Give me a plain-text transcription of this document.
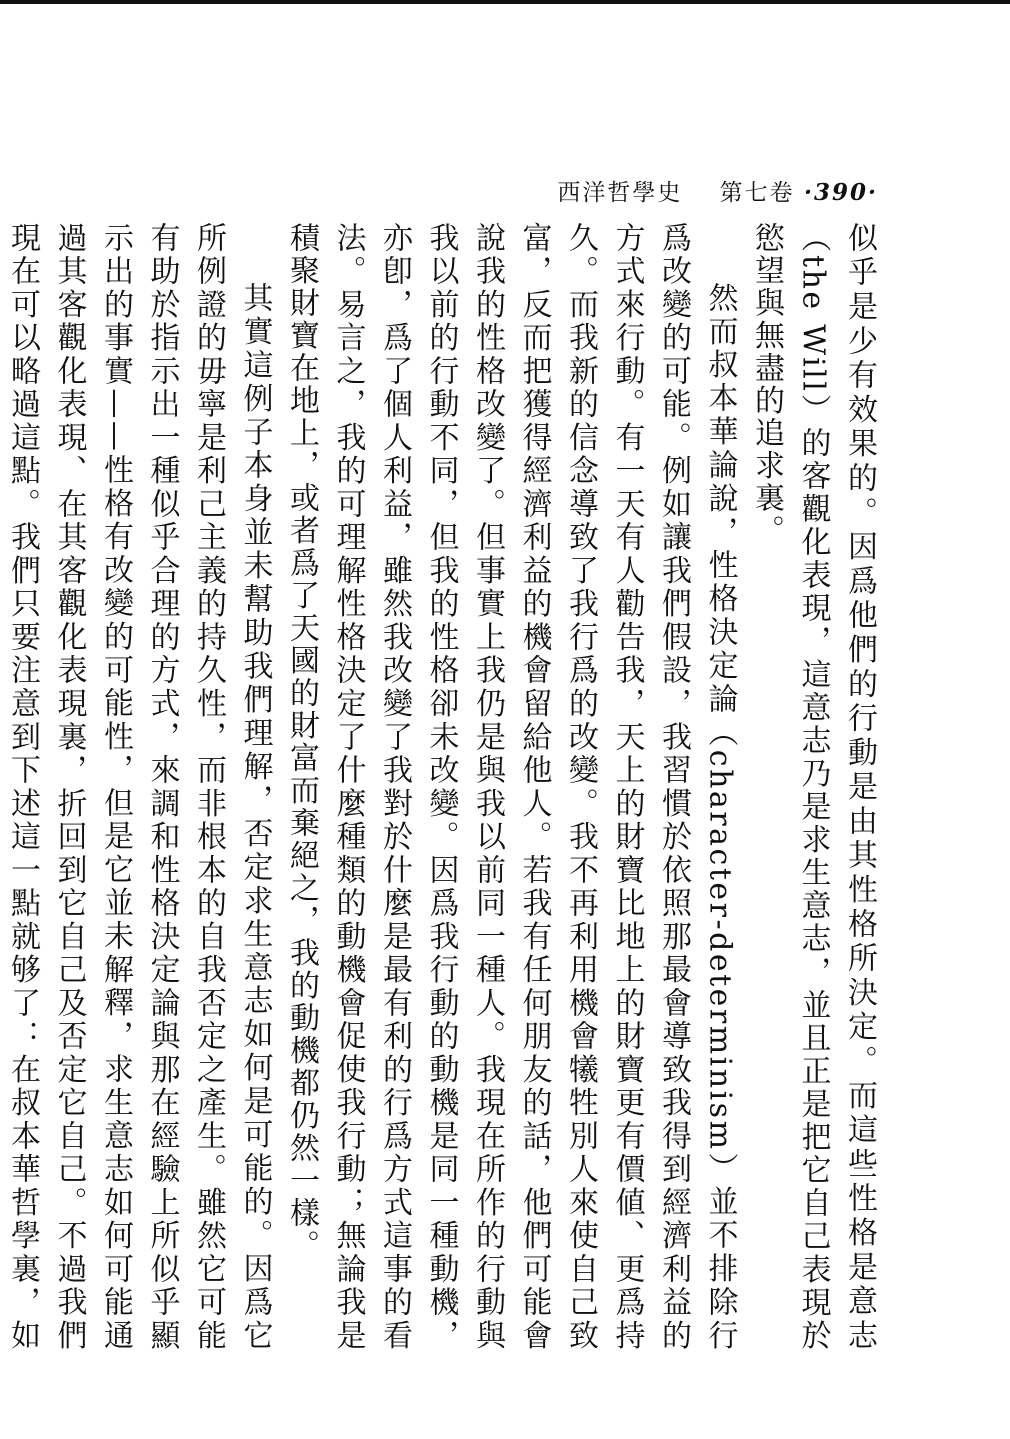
西洋哲學史 第七卷 ·390·

似乎是少有效果的。因爲他們的行動是由其性格所決定。而這些性格是意志（the Will）的客觀化表現，這意志乃是求生意志，並且正是把它自己表現於慾望與無盡的追求裏。

然而叔本華論說，性格決定論（character-determinism）並不排除行爲改變的可能。例如讓我們假設，我習慣於依照那最會導致我得到經濟利益的方式來行動。有一天有人勸告我，天上的財寶比地上的財寶更有價値、更爲持久。而我新的信念導致了我行爲的改變。我不再利用機會犧牲別人來使自己致富，反而把獲得經濟利益的機會留給他人。若我有任何朋友的話，他們可能會說我的性格改變了。但事實上我仍是與我以前同一種人。我現在所作的行動與我以前的行動不同，但我的性格卻未改變。因爲我行動的動機是同一種動機，亦卽，爲了個人利益，雖然我改變了我對於什麼是最有利的行爲方式這事的看法。易言之，我的可理解性格決定了什麼種類的動機會促使我行動；無論我是積聚財寶在地上，或者爲了天國的財富而棄絕之，我的動機都仍然一樣。

其實這例子本身並未幫助我們理解，否定求生意志如何是可能的。因爲它所例證的毋寧是利己主義的持久性，而非根本的自我否定之產生。雖然它可能有助於指示出一種似乎合理的方式，來調和性格決定論與那在經驗上所似乎顯示出的事實——性格有改變的可能性，但是它並未解釋，求生意志如何可能通過其客觀化表現、在其客觀化表現裏，折回到它自己及否定它自己。不過我們現在可以略過這點。我們只要注意到下述這一點就够了：在叔本華哲學裏，如
